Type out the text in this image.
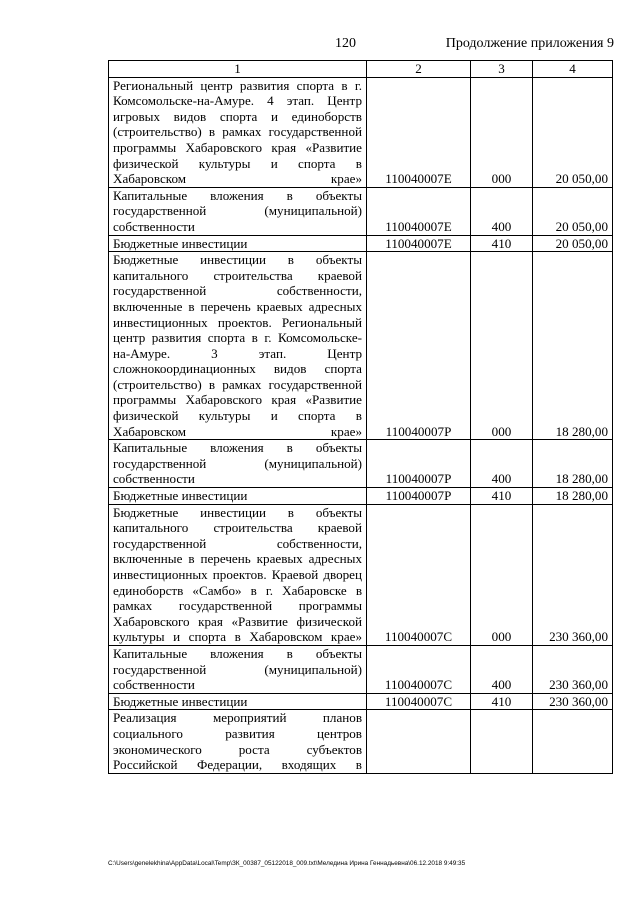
120	Продолжение приложения 9
1	2	3	4
Региональный центр развития спорта в г. Комсомольске-на-Амуре. 4 этап. Центр игровых видов спорта и единоборств (строительство) в рамках государственной программы Хабаровского края «Развитие физической культуры и спорта в Хабаровском крае»	110040007Е	000	20 050,00
Капитальные вложения в объекты государственной (муниципальной) собственности	110040007Е	400	20 050,00
Бюджетные инвестиции	110040007Е	410	20 050,00
Бюджетные инвестиции в объекты капитального строительства краевой государственной собственности, включенные в перечень краевых адресных инвестиционных проектов. Региональный центр развития спорта в г. Комсомольске-на-Амуре. 3 этап. Центр сложнокоординационных видов спорта (строительство) в рамках государственной программы Хабаровского края «Развитие физической культуры и спорта в Хабаровском крае»	110040007Р	000	18 280,00
Капитальные вложения в объекты государственной (муниципальной) собственности	110040007Р	400	18 280,00
Бюджетные инвестиции	110040007Р	410	18 280,00
Бюджетные инвестиции в объекты капитального строительства краевой государственной собственности, включенные в перечень краевых адресных инвестиционных проектов. Краевой дворец единоборств «Самбо» в г. Хабаровске в рамках государственной программы Хабаровского края «Развитие физической культуры и спорта в Хабаровском крае»	110040007С	000	230 360,00
Капитальные вложения в объекты государственной (муниципальной) собственности	110040007С	400	230 360,00
Бюджетные инвестиции	110040007С	410	230 360,00
Реализация мероприятий планов социального развития центров экономического роста субъектов Российской Федерации, входящих в			
C:\Users\genelekhina\AppData\Local\Temp\ЗК_00387_05122018_009.txt\Меледина Ирина Геннадьевна\06.12.2018 9:49:35
